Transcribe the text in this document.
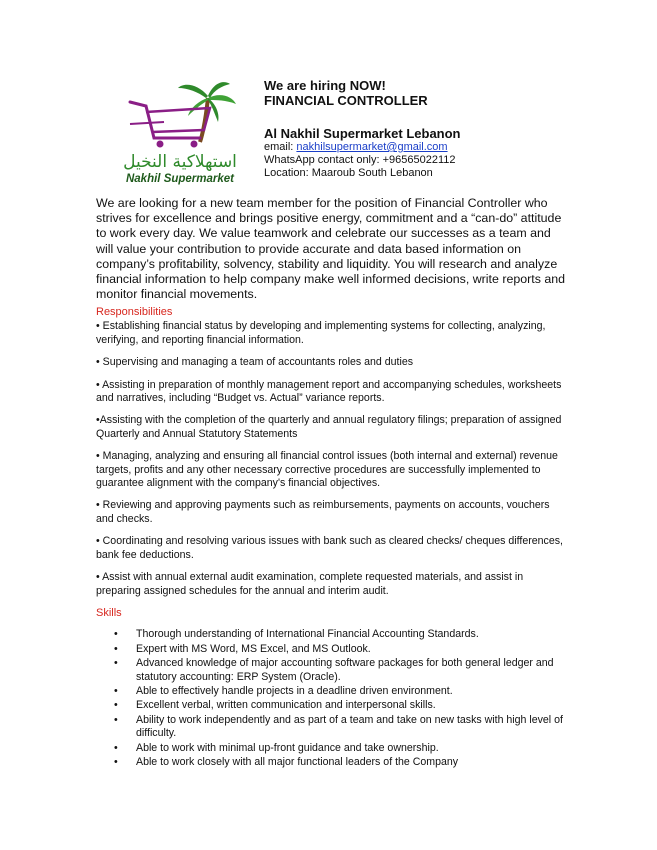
استهلاكية النخيل
Nakhil Supermarket
We are hiring NOW!
FINANCIAL CONTROLLER
Al Nakhil Supermarket Lebanon
email: nakhilsupermarket@gmail.com
WhatsApp contact only: +96565022112
Location: Maaroub South Lebanon
We are looking for a new team member for the position of Financial Controller who strives for excellence and brings positive energy, commitment and a “can-do” attitude to work every day. We value teamwork and celebrate our successes as a team and will value your contribution to provide accurate and data based information on company’s profitability, solvency, stability and liquidity. You will research and analyze financial information to help company make well informed decisions, write reports and monitor financial movements.
Responsibilities

• Establishing financial status by developing and implementing systems for collecting, analyzing, verifying, and reporting financial information.

• Supervising and managing a team of accountants roles and duties

• Assisting in preparation of monthly management report and accompanying schedules, worksheets and narratives, including “Budget vs. Actual” variance reports.

•Assisting with the completion of the quarterly and annual regulatory filings; preparation of assigned Quarterly and Annual Statutory Statements

• Managing, analyzing and ensuring all financial control issues (both internal and external) revenue targets, profits and any other necessary corrective procedures are successfully implemented to guarantee alignment with the company's financial objectives.

• Reviewing and approving payments such as reimbursements, payments on accounts, vouchers and checks.

• Coordinating and resolving various issues with bank such as cleared checks/ cheques differences, bank fee deductions.

• Assist with annual external audit examination, complete requested materials, and assist in preparing assigned schedules for the annual and interim audit.

Skills
• Thorough understanding of International Financial Accounting Standards.
• Expert with MS Word, MS Excel, and MS Outlook.
• Advanced knowledge of major accounting software packages for both general ledger and statutory accounting: ERP System (Oracle).
• Able to effectively handle projects in a deadline driven environment.
• Excellent verbal, written communication and interpersonal skills.
• Ability to work independently and as part of a team and take on new tasks with high level of difficulty.
• Able to work with minimal up-front guidance and take ownership.
• Able to work closely with all major functional leaders of the Company
